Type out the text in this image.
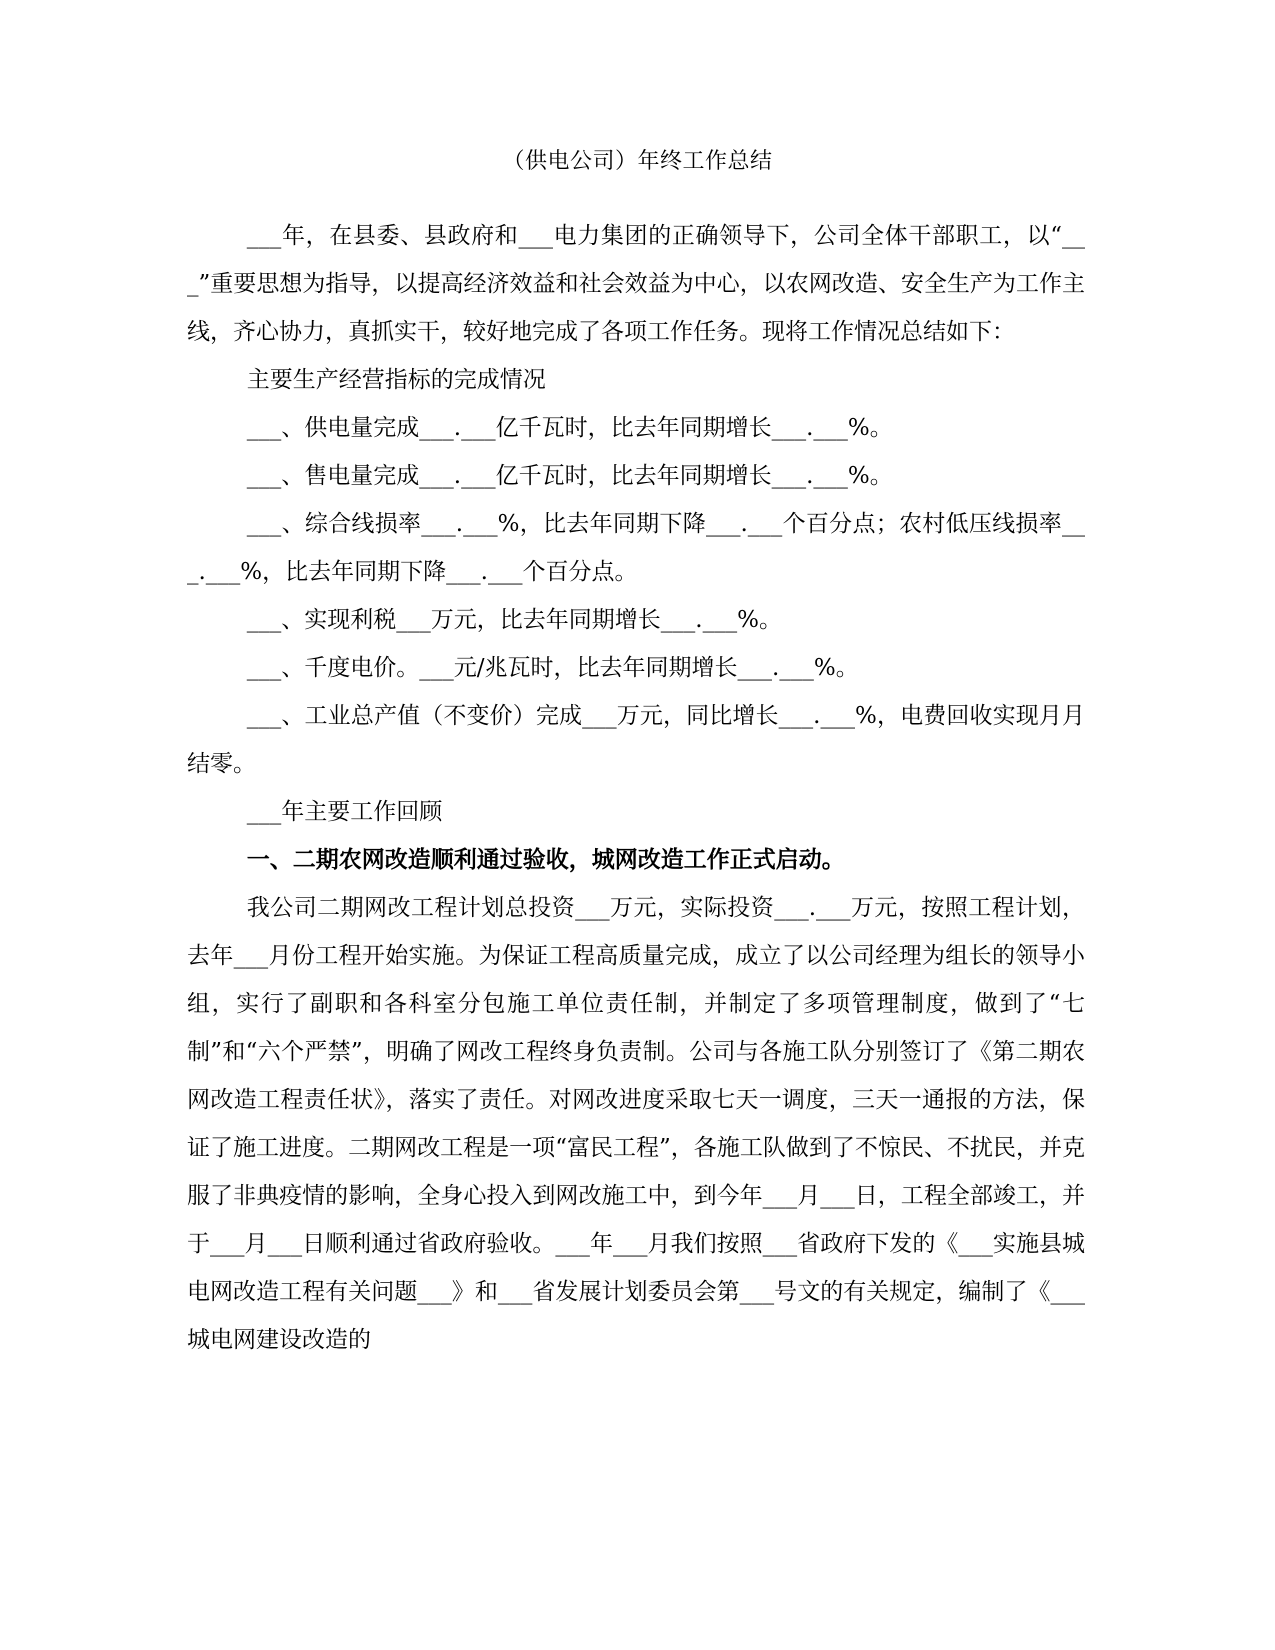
（供电公司）年终工作总结

___年，在县委、县政府和___电力集团的正确领导下，公司全体干部职工，以“___”重要思想为指导，以提高经济效益和社会效益为中心，以农网改造、安全生产为工作主线，齐心协力，真抓实干，较好地完成了各项工作任务。现将工作情况总结如下：

主要生产经营指标的完成情况

___、供电量完成___.___亿千瓦时，比去年同期增长___.___%。

___、售电量完成___.___亿千瓦时，比去年同期增长___.___%。

___、综合线损率___.___%，比去年同期下降___.___个百分点；农村低压线损率___.___%，比去年同期下降___.___个百分点。

___、实现利税___万元，比去年同期增长___.___%。

___、千度电价。___元/兆瓦时，比去年同期增长___.___%。

___、工业总产值（不变价）完成___万元，同比增长___.___%，电费回收实现月月结零。

___年主要工作回顾

一、二期农网改造顺利通过验收，城网改造工作正式启动。

我公司二期网改工程计划总投资___万元，实际投资___.___万元，按照工程计划，去年___月份工程开始实施。为保证工程高质量完成，成立了以公司经理为组长的领导小组，实行了副职和各科室分包施工单位责任制，并制定了多项管理制度，做到了“七制”和“六个严禁”，明确了网改工程终身负责制。公司与各施工队分别签订了《第二期农网改造工程责任状》，落实了责任。对网改进度采取七天一调度，三天一通报的方法，保证了施工进度。二期网改工程是一项“富民工程”，各施工队做到了不惊民、不扰民，并克服了非典疫情的影响，全身心投入到网改施工中，到今年___月___日，工程全部竣工，并于___月___日顺利通过省政府验收。___年___月我们按照___省政府下发的《___实施县城电网改造工程有关问题___》和___省发展计划委员会第___号文的有关规定，编制了《___城电网建设改造的
